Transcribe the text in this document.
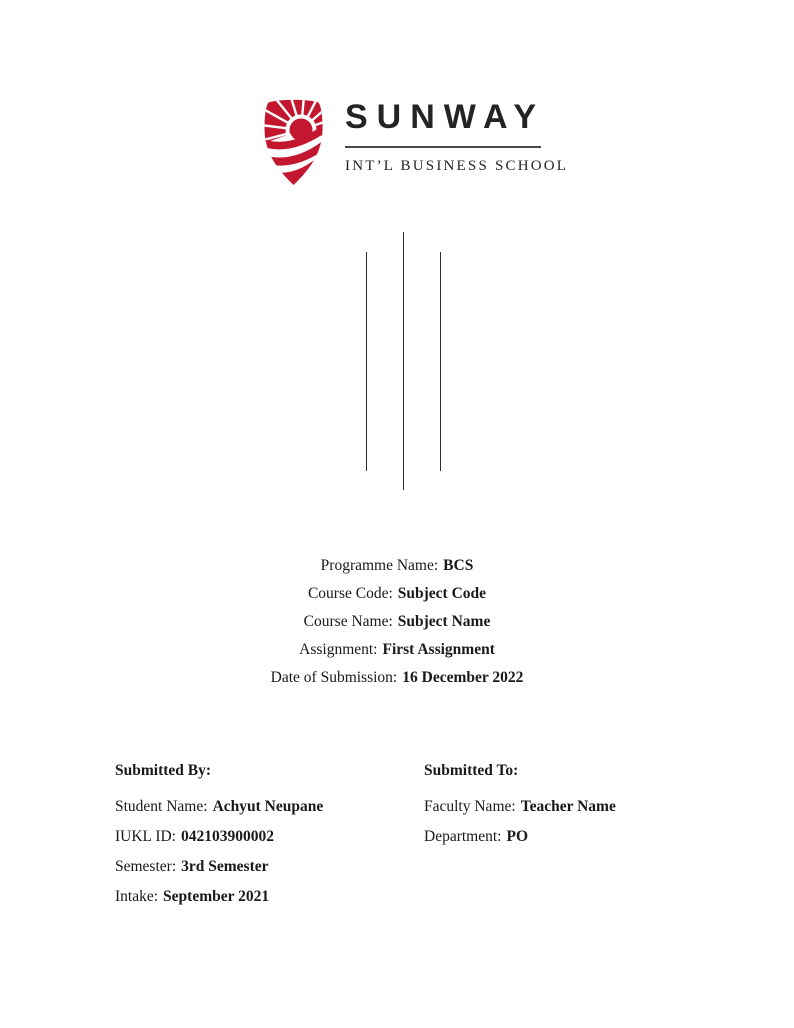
SUNWAY
INT’L BUSINESS SCHOOL
Programme Name: BCS
Course Code: Subject Code
Course Name: Subject Name
Assignment: First Assignment
Date of Submission: 16 December 2022
Submitted By:
Student Name: Achyut Neupane
IUKL ID: 042103900002
Semester: 3rd Semester
Intake: September 2021
Submitted To:
Faculty Name: Teacher Name
Department: PO
